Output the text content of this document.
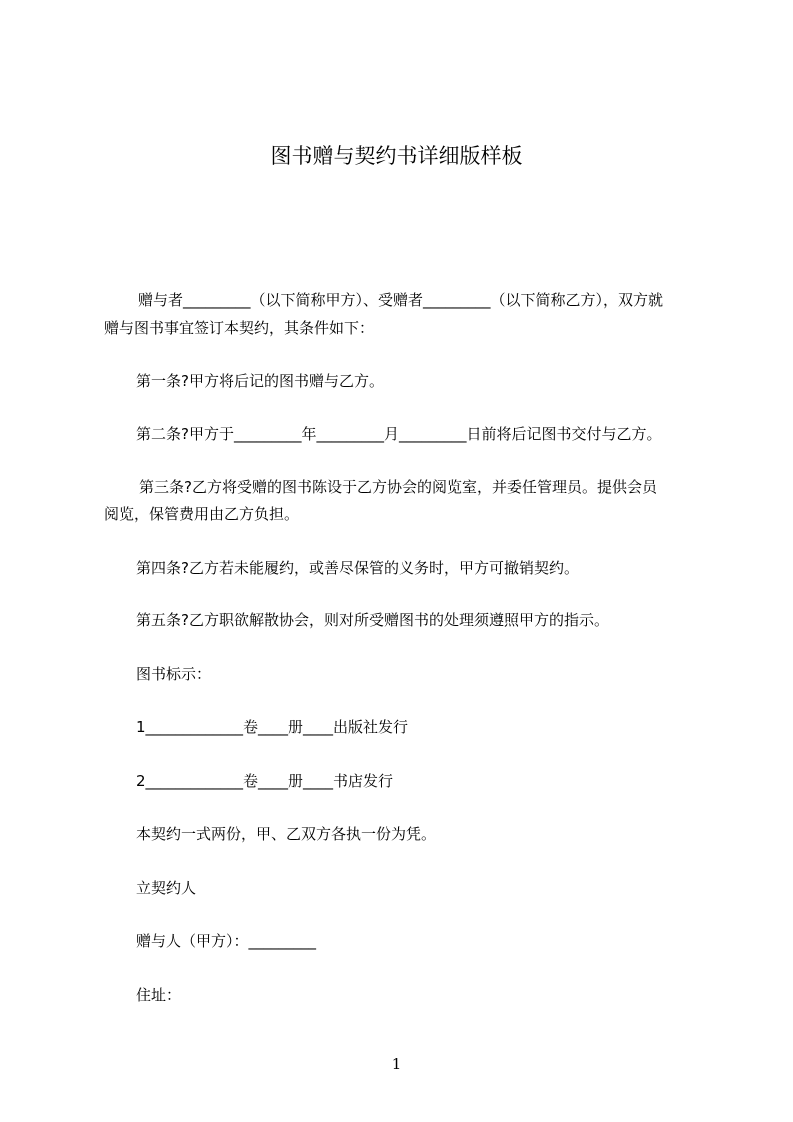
图书赠与契约书详细版样板
赠与者_________（以下简称甲方）、受赠者_________（以下简称乙方），双方就
赠与图书事宜签订本契约，其条件如下：
第一条?甲方将后记的图书赠与乙方。
第二条?甲方于_________年_________月_________日前将后记图书交付与乙方。
第三条?乙方将受赠的图书陈设于乙方协会的阅览室，并委任管理员。提供会员
阅览，保管费用由乙方负担。
第四条?乙方若未能履约，或善尽保管的义务时，甲方可撤销契约。
第五条?乙方职欲解散协会，则对所受赠图书的处理须遵照甲方的指示。
图书标示：
1_____________卷____册____出版社发行
2_____________卷____册____书店发行
本契约一式两份，甲、乙双方各执一份为凭。
立契约人
赠与人（甲方）：_________
住址：
1
